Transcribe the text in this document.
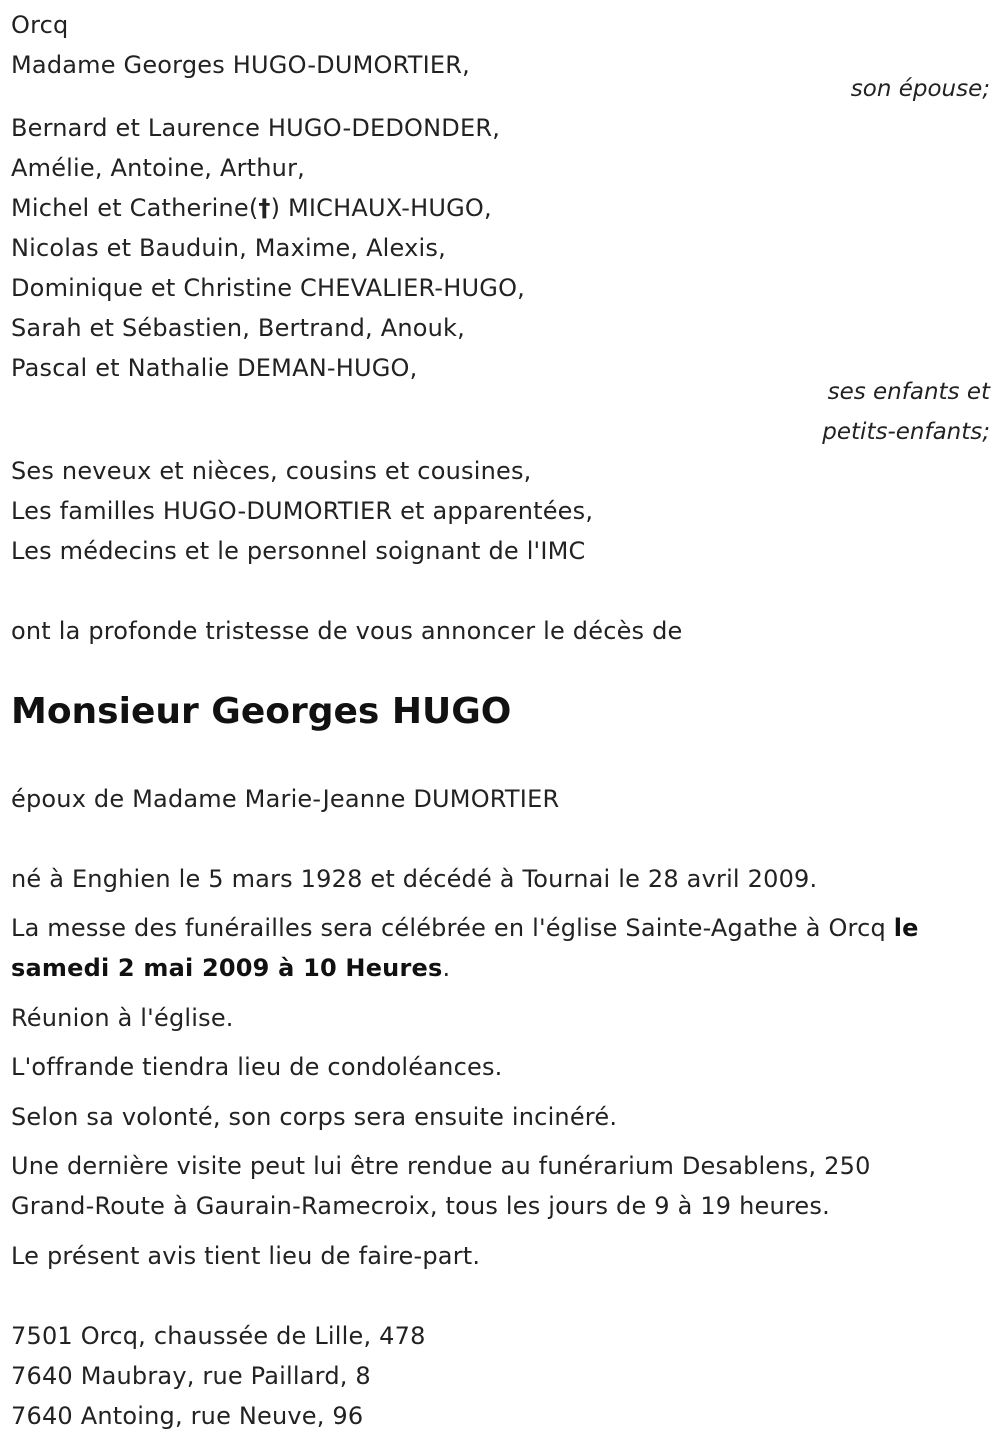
Orcq
Madame Georges HUGO-DUMORTIER,
son épouse;
Bernard et Laurence HUGO-DEDONDER,
Amélie, Antoine, Arthur,
Michel et Catherine(†) MICHAUX-HUGO,
Nicolas et Bauduin, Maxime, Alexis,
Dominique et Christine CHEVALIER-HUGO,
Sarah et Sébastien, Bertrand, Anouk,
Pascal et Nathalie DEMAN-HUGO,
ses enfants et
petits-enfants;
Ses neveux et nièces, cousins et cousines,
Les familles HUGO-DUMORTIER et apparentées,
Les médecins et le personnel soignant de l'IMC
ont la profonde tristesse de vous annoncer le décès de
Monsieur Georges HUGO
époux de Madame Marie-Jeanne DUMORTIER
né à Enghien le 5 mars 1928 et décédé à Tournai le 28 avril 2009.
La messe des funérailles sera célébrée en l'église Sainte-Agathe à Orcq le
samedi 2 mai 2009 à 10 Heures.
Réunion à l'église.
L'offrande tiendra lieu de condoléances.
Selon sa volonté, son corps sera ensuite incinéré.
Une dernière visite peut lui être rendue au funérarium Desablens, 250
Grand-Route à Gaurain-Ramecroix, tous les jours de 9 à 19 heures.
Le présent avis tient lieu de faire-part.
7501 Orcq, chaussée de Lille, 478
7640 Maubray, rue Paillard, 8
7640 Antoing, rue Neuve, 96
